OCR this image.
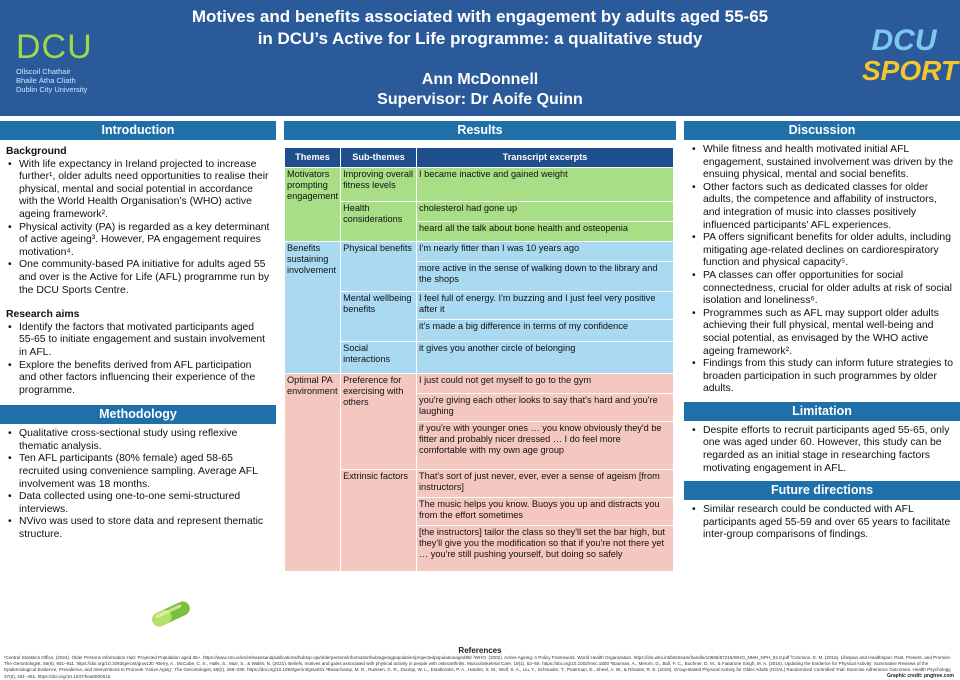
DCU
Ollscoil Chathair
Bhaile Átha Cliath
Dublin City University
Motives and benefits associated with engagement by adults aged 55-65
in DCU’s Active for Life programme: a qualitative study
Ann McDonnell
Supervisor: Dr Aoife Quinn
DCU
SPORT
Introduction
Background
• With life expectancy in Ireland projected to increase further¹, older adults need opportunities to realise their physical, mental and social potential in accordance with the World Health Organisation’s (WHO) active ageing framework².
• Physical activity (PA) is regarded as a key determinant of active ageing³. However, PA engagement requires motivation⁴.
• One community-based PA initiative for adults aged 55 and over is the Active for Life (AFL) programme run by the DCU Sports Centre.
Research aims
• Identify the factors that motivated participants aged 55-65 to initiate engagement and sustain involvement in AFL.
• Explore the benefits derived from AFL participation and other factors influencing their experience of the programme.
Methodology
• Qualitative cross-sectional study using reflexive thematic analysis.
• Ten AFL participants (80% female) aged 58-65 recruited using convenience sampling. Average AFL involvement was 18 months.
• Data collected using one-to-one semi-structured interviews.
• NVivo was used to store data and represent thematic structure.
Results
Themes	Sub-themes	Transcript excerpts
Motivators prompting engagement	Improving overall fitness levels	I became inactive and gained weight
	Health considerations	cholesterol had gone up
		heard all the talk about bone health and osteopenia
Benefits sustaining involvement	Physical benefits	I'm nearly fitter than I was 10 years ago
		more active in the sense of walking down to the library and the shops
	Mental wellbeing benefits	I feel full of energy. I'm buzzing and I just feel very positive after it
		it's made a big difference in terms of my confidence
	Social interactions	it gives you another circle of belonging
Optimal PA environment	Preference for exercising with others	I just could not get myself to go to the gym
		you're giving each other looks to say that's hard and you're laughing
		if you're with younger ones … you know obviously they'd be fitter and probably nicer dressed … I do feel more comfortable with my own age group
	Extrinsic factors	That's sort of just never, ever, ever a sense of ageism [from instructors]
		The music helps you know. Buoys you up and distracts you from the effort sometimes
		[the instructors] tailor the class so they'll set the bar high, but they'll give you the modification so that if you're not there yet … you're still pushing yourself, but doing so safely
Discussion
• While fitness and health motivated initial AFL engagement, sustained involvement was driven by the ensuing physical, mental and social benefits.
• Other factors such as dedicated classes for older adults, the competence and affability of instructors, and integration of music into classes positively influenced participants’ AFL experiences.
• PA offers significant benefits for older adults, including mitigating age-related declines on cardiorespiratory function and physical capacity⁵.
• PA classes can offer opportunities for social connectedness, crucial for older adults at risk of social isolation and loneliness⁶.
• Programmes such as AFL may support older adults achieving their full physical, mental well-being and social potential, as envisaged by the WHO active ageing framework².
• Findings from this study can inform future strategies to broaden participation in such programmes by older adults.
Limitation
• Despite efforts to recruit participants aged 55-65, only one was aged under 60. However, this study can be regarded as an initial stage in researching factors motivating engagement in AFL.
Future directions
• Similar research could be conducted with AFL participants aged 55-59 and over 65 years to facilitate inter-group comparisons of findings.
References
¹Central Statistics Office. (2024). Older Persons Information Hub: Projected Population aged 65+. https://www.cso.ie/en/releasesandpublications/hubs/p-opi/olderpersonsinformationhub/ageingpopulation/projectedpopulationaged65/ ²WHO. (2002). Active Ageing: A Policy Framework. World Health Organization. https://iris.who.int/bitstream/handle/10665/67215/WHO_NMH_NPH_02.8.pdf ³Cimmino, E. M. (2016). Lifespan and Healthspan: Past, Present, and Promise. The Gerontologist, 56(6), 901–911. https://doi.org/10.1093/geront/gnw130 ⁴Berry, A., McCabe, C. S., Halls, S., Muir, S., & Walsh, N. (2021). Beliefs, motives and gains associated with physical activity in people with osteoarthritis. Musculoskeletal Care, 19(1), 52–58. https://doi.org/10.1002/msc.1500 ⁵Bauman, A., Merom, D., Bull, F. C., Buchner, D. M., & Fiatarone Singh, M. A. (2016). Updating the Evidence for Physical Activity: Summative Reviews of the Epidemiological Evidence, Prevalence, and Interventions to Promote 'Active Aging'. The Gerontologist, 56(2), 268–280. https://doi.org/10.1093/geront/gnw031 ⁶Beauchamp, M. R., Ruissen, G. R., Dunlop, W. L., Estabrooks, P. A., Harden, S. M., Wolf, S. A., Liu, Y., Schmader, T., Puterman, E., Sheel, A. W., & Rhodes, R. E. (2018). Group-Based Physical Activity for Older Adults (GOAL) Randomized Controlled Trial: Exercise Adherence Outcomes. Health Psychology, 37(5), 451–461. https://doi.org/10.1037/hea0000615	Graphic credit: pngtree.com
